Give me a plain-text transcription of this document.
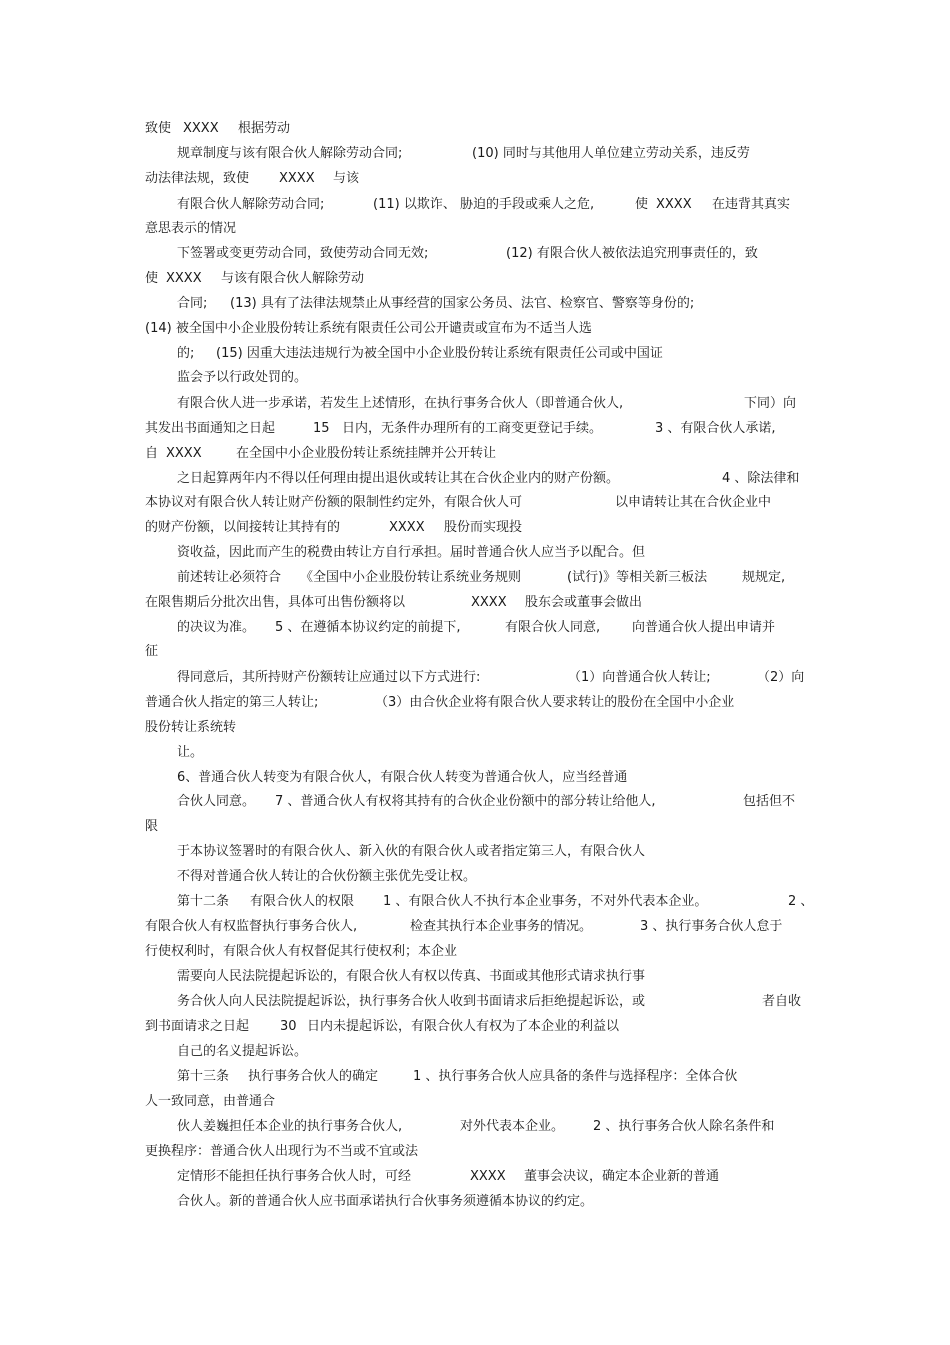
致使 XXXX 根据劳动
规章制度与该有限合伙人解除劳动合同;	(10) 同时与其他用人单位建立劳动关系，违反劳
动法律法规，致使 XXXX 与该
有限合伙人解除劳动合同;	(11) 以欺诈、 胁迫的手段或乘人之危,	使 XXXX 在违背其真实
意思表示的情况
下签署或变更劳动合同，致使劳动合同无效;	(12) 有限合伙人被依法追究刑事责任的，致
使 XXXX 与该有限合伙人解除劳动
合同; (13) 具有了法律法规禁止从事经营的国家公务员、法官、检察官、警察等身份的;
(14) 被全国中小企业股份转让系统有限责任公司公开谴责或宣布为不适当人选
的; (15) 因重大违法违规行为被全国中小企业股份转让系统有限责任公司或中国证
监会予以行政处罚的。
有限合伙人进一步承诺，若发生上述情形，在执行事务合伙人（即普通合伙人,	下同）向
其发出书面通知之日起	15 日内，无条件办理所有的工商变更登记手续。	3 、有限合伙人承诺,
自 XXXX	在全国中小企业股份转让系统挂牌并公开转让
之日起算两年内不得以任何理由提出退伙或转让其在合伙企业内的财产份额。	4 、除法律和
本协议对有限合伙人转让财产份额的限制性约定外，有限合伙人可	以申请转让其在合伙企业中
的财产份额，以间接转让其持有的	XXXX 股份而实现投
资收益，因此而产生的税费由转让方自行承担。届时普通合伙人应当予以配合。但
前述转让必须符合 《全国中小企业股份转让系统业务规则	(试行)》等相关新三板法	规规定,
在限售期后分批次出售，具体可出售份额将以	XXXX 股东会或董事会做出
的决议为准。 5 、在遵循本协议约定的前提下,	有限合伙人同意, 向普通合伙人提出申请并
征
得同意后，其所持财产份额转让应通过以下方式进行:	（1）向普通合伙人转让;	（2）向
普通合伙人指定的第三人转让;	（3）由合伙企业将有限合伙人要求转让的股份在全国中小企业
股份转让系统转
让。
6、普通合伙人转变为有限合伙人，有限合伙人转变为普通合伙人，应当经普通
合伙人同意。 7 、普通合伙人有权将其持有的合伙企业份额中的部分转让给他人,	包括但不
限
于本协议签署时的有限合伙人、新入伙的有限合伙人或者指定第三人，有限合伙人
不得对普通合伙人转让的合伙份额主张优先受让权。
第十二条 有限合伙人的权限 1 、有限合伙人不执行本企业事务，不对外代表本企业。	2 、
有限合伙人有权监督执行事务合伙人,	检查其执行本企业事务的情况。	3 、执行事务合伙人怠于
行使权利时，有限合伙人有权督促其行使权利；本企业
需要向人民法院提起诉讼的，有限合伙人有权以传真、书面或其他形式请求执行事
务合伙人向人民法院提起诉讼，执行事务合伙人收到书面请求后拒绝提起诉讼，或	者自收
到书面请求之日起 30 日内未提起诉讼，有限合伙人有权为了本企业的利益以
自己的名义提起诉讼。
第十三条 执行事务合伙人的确定	1 、执行事务合伙人应具备的条件与选择程序：全体合伙
人一致同意，由普通合
伙人姜巍担任本企业的执行事务合伙人,	对外代表本企业。 2 、执行事务合伙人除名条件和
更换程序：普通合伙人出现行为不当或不宜或法
定情形不能担任执行事务合伙人时，可经	XXXX 董事会决议，确定本企业新的普通
合伙人。新的普通合伙人应书面承诺执行合伙事务须遵循本协议的约定。
